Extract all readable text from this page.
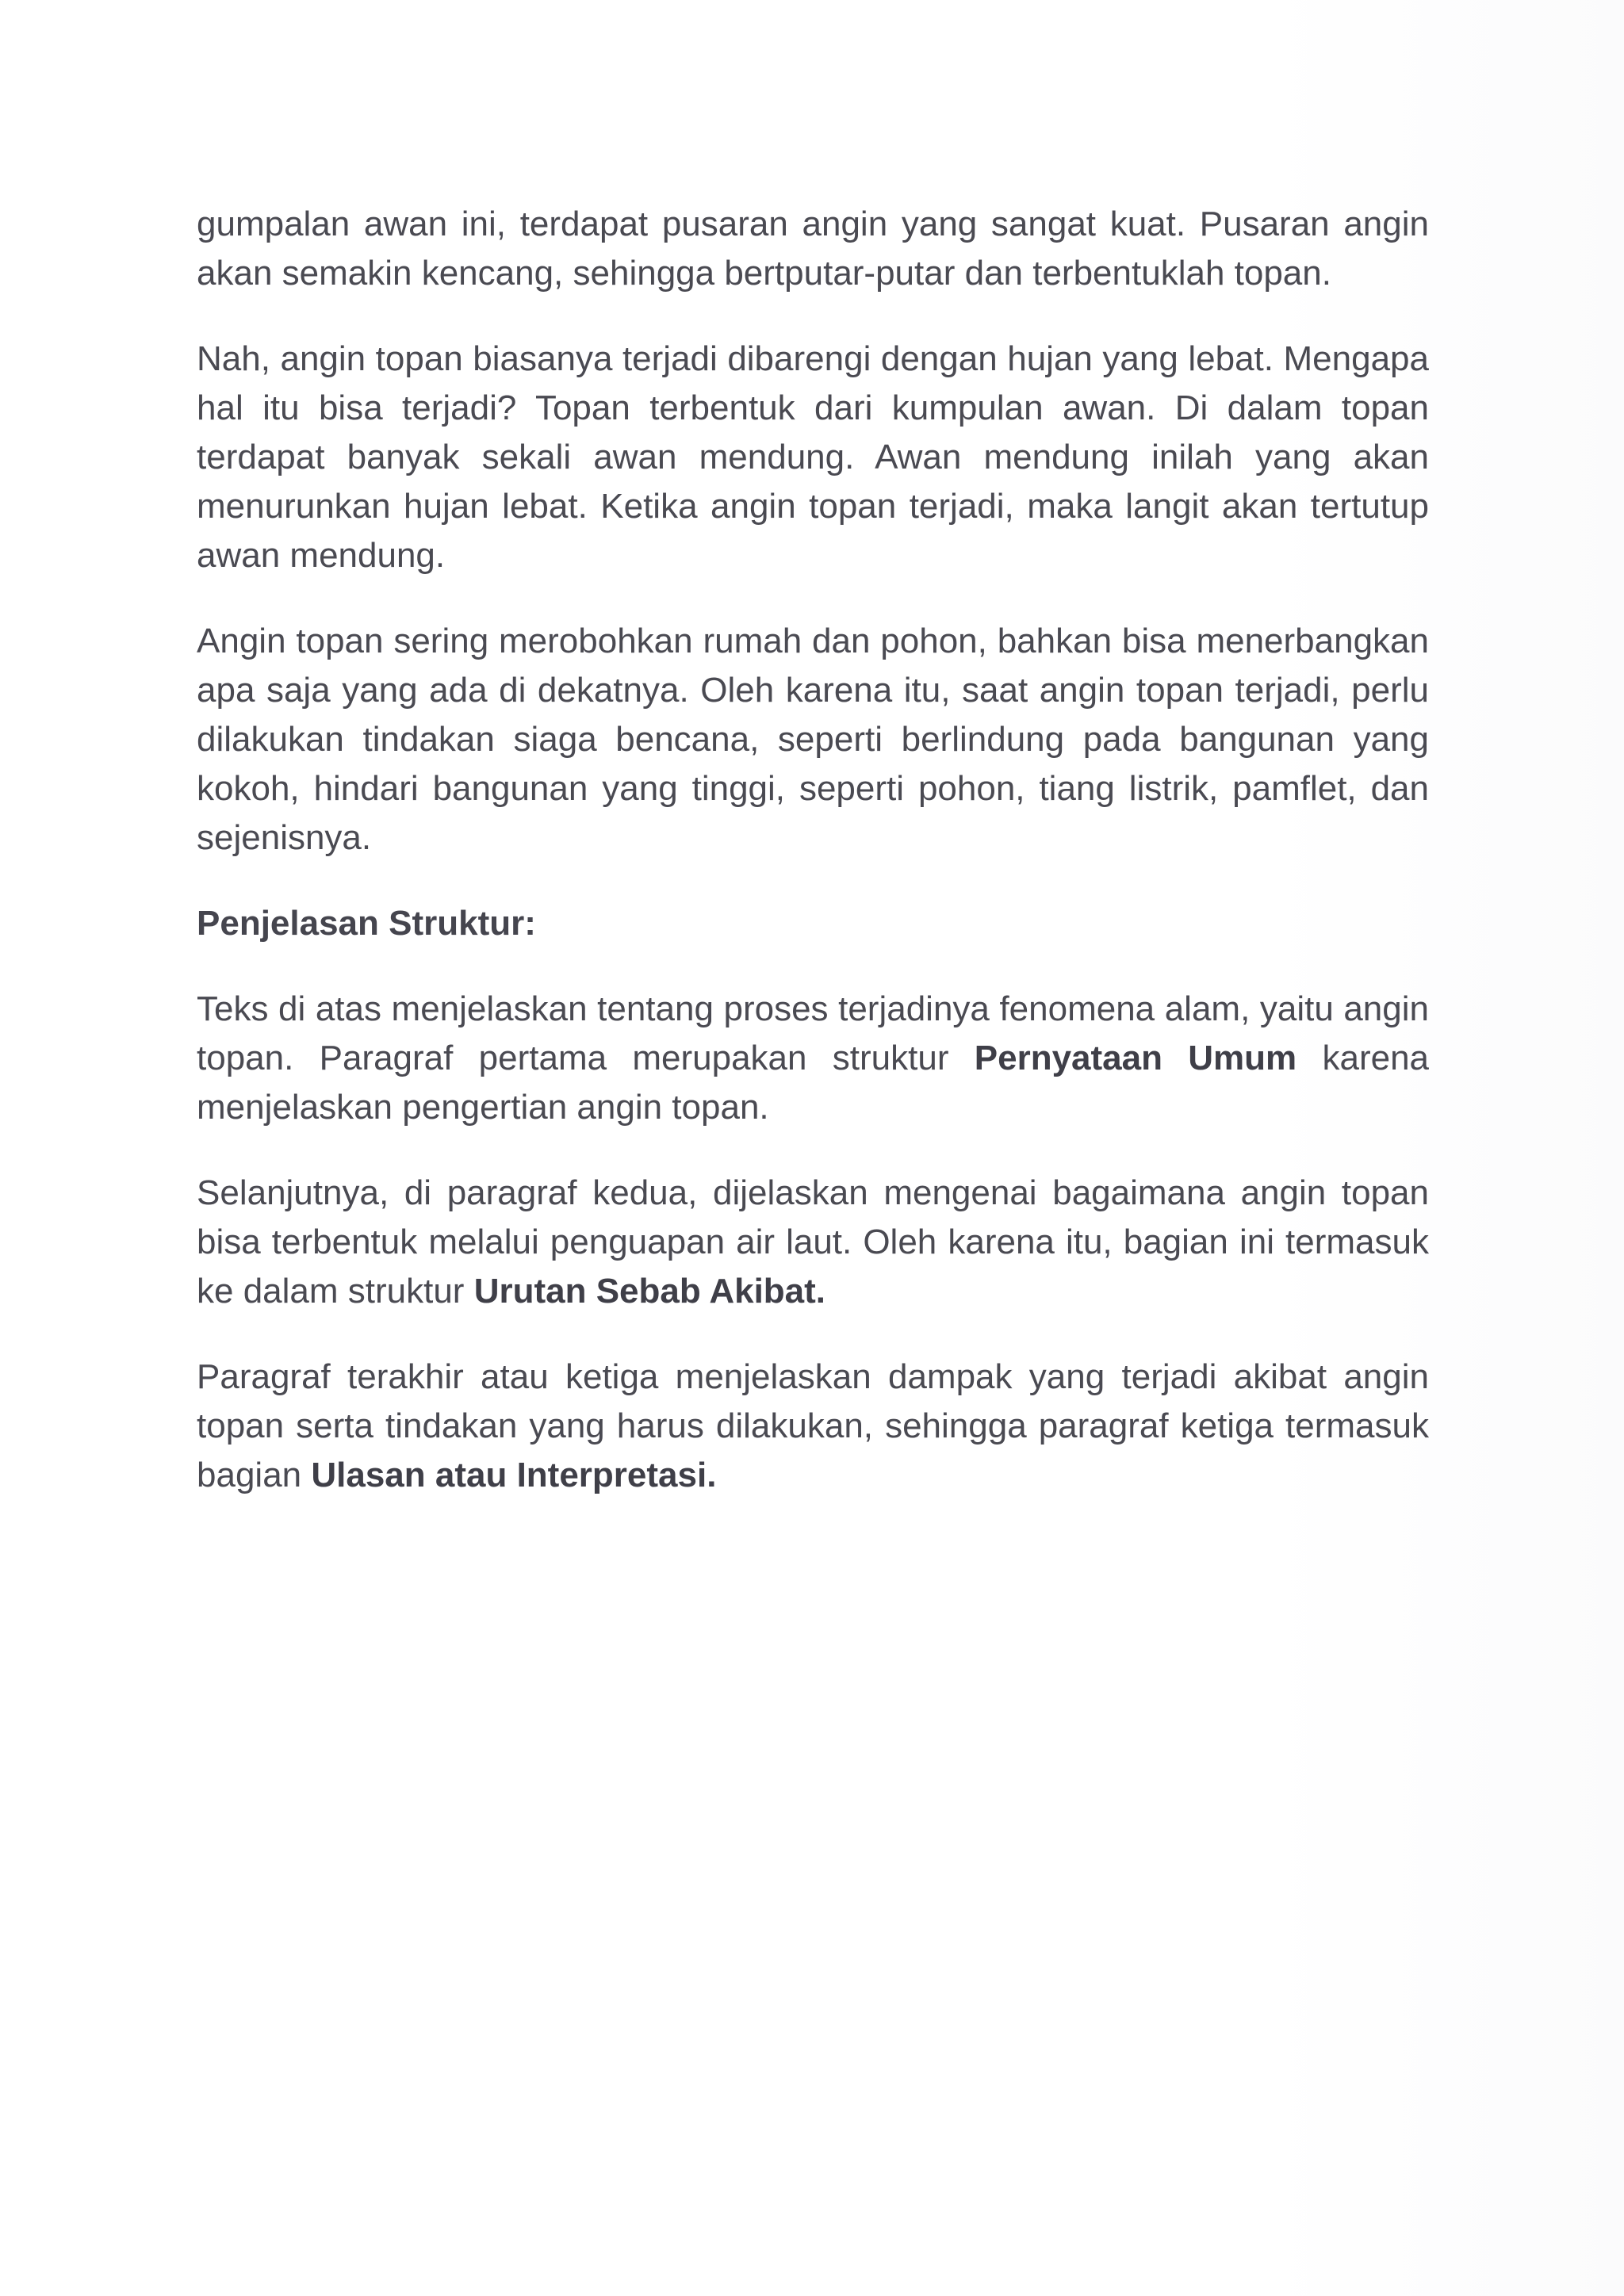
gumpalan awan ini, terdapat pusaran angin yang sangat kuat. Pusaran angin akan semakin kencang, sehingga bertputar-putar dan terbentuklah topan.

Nah, angin topan biasanya terjadi dibarengi dengan hujan yang lebat. Mengapa hal itu bisa terjadi? Topan terbentuk dari kumpulan awan. Di dalam topan terdapat banyak sekali awan mendung. Awan mendung inilah yang akan menurunkan hujan lebat. Ketika angin topan terjadi, maka langit akan tertutup awan mendung.

Angin topan sering merobohkan rumah dan pohon, bahkan bisa menerbangkan apa saja yang ada di dekatnya. Oleh karena itu, saat angin topan terjadi, perlu dilakukan tindakan siaga bencana, seperti berlindung pada bangunan yang kokoh, hindari bangunan yang tinggi, seperti pohon, tiang listrik, pamflet, dan sejenisnya.

Penjelasan Struktur:

Teks di atas menjelaskan tentang proses terjadinya fenomena alam, yaitu angin topan. Paragraf pertama merupakan struktur Pernyataan Umum karena menjelaskan pengertian angin topan.

Selanjutnya, di paragraf kedua, dijelaskan mengenai bagaimana angin topan bisa terbentuk melalui penguapan air laut. Oleh karena itu, bagian ini termasuk ke dalam struktur Urutan Sebab Akibat.

Paragraf terakhir atau ketiga menjelaskan dampak yang terjadi akibat angin topan serta tindakan yang harus dilakukan, sehingga paragraf ketiga termasuk bagian Ulasan atau Interpretasi.
